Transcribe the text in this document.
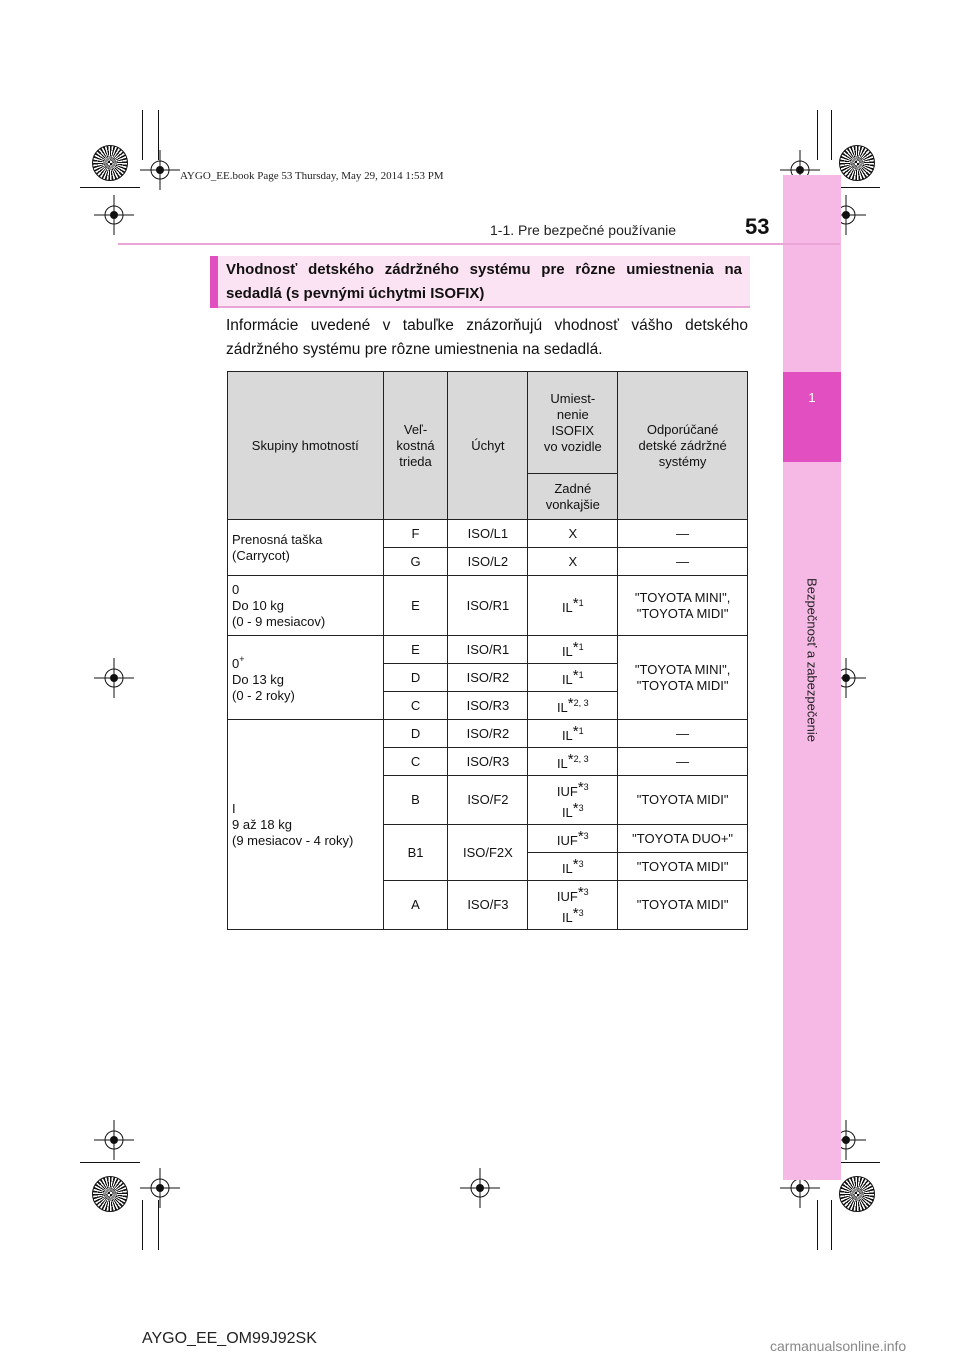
1
Bezpečnosť a zabezpečenie
AYGO_EE.book Page 53 Thursday, May 29, 2014 1:53 PM
1-1. Pre bezpečné používanie	53
Vhodnosť detského zádržného systému pre rôzne umiestnenia na sedadlá (s pevnými úchytmi ISOFIX)
Informácie uvedené v tabuľke znázorňujú vhodnosť vášho detského zádržného systému pre rôzne umiestnenia na sedadlá.
Skupiny hmotností	Veľ-
kostná
trieda	Úchyt	Umiest-
nenie
ISOFIX
vo vozidle	Odporúčané
detské zádržné
systémy
			Zadné
vonkajšie	
Prenosná taška
(Carrycot)	F	ISO/L1	X	—
	G	ISO/L2	X	—
0
Do 10 kg
(0 - 9 mesiacov)	E	ISO/R1	IL*$^1$	"TOYOTA MINI",
"TOYOTA MIDI"
0+
Do 13 kg
(0 - 2 roky)	E	ISO/R1	IL*$^1$	"TOYOTA MINI",
"TOYOTA MIDI"
	D	ISO/R2	IL*$^1$
	C	ISO/R3	IL*$^{2, 3}$
I
9 až 18 kg
(9 mesiacov - 4 roky)	D	ISO/R2	IL*$^1$	—
	C	ISO/R3	IL*$^{2, 3}$	—
	B	ISO/F2	IUF*$^3$
IL*$^3$	"TOYOTA MIDI"
	B1	ISO/F2X	IUF*$^3$	"TOYOTA DUO+"
			IL*$^3$	"TOYOTA MIDI"
	A	ISO/F3	IUF*$^3$
IL*$^3$	"TOYOTA MIDI"
AYGO_EE_OM99J92SK	carmanualsonline.info
